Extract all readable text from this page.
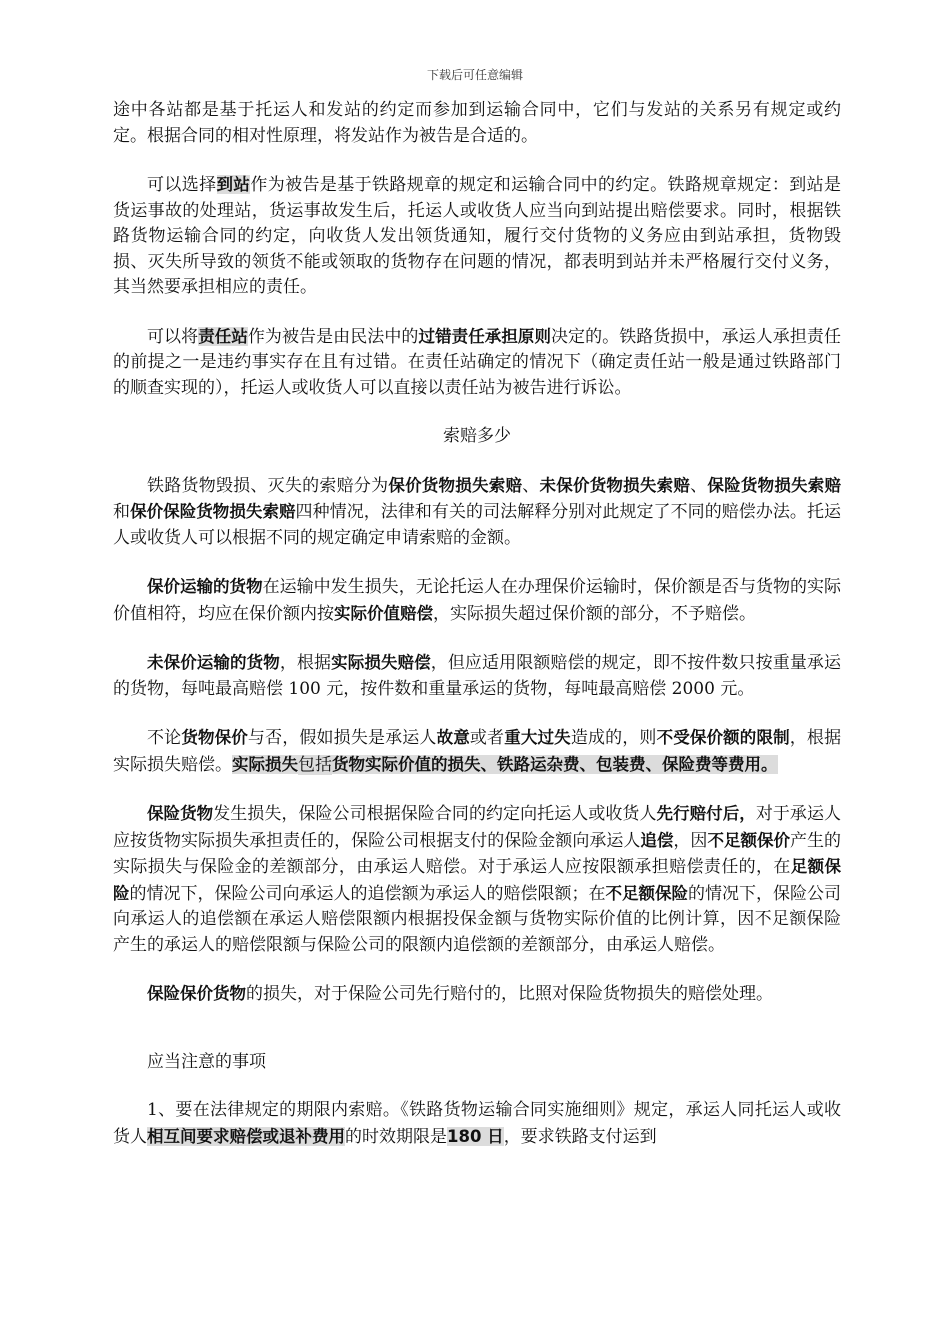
下载后可任意编辑

途中各站都是基于托运人和发站的约定而参加到运输合同中，它们与发站的关系另有规定或约定。根据合同的相对性原理，将发站作为被告是合适的。

可以选择到站作为被告是基于铁路规章的规定和运输合同中的约定。铁路规章规定：到站是货运事故的处理站，货运事故发生后，托运人或收货人应当向到站提出赔偿要求。同时，根据铁路货物运输合同的约定，向收货人发出领货通知，履行交付货物的义务应由到站承担，货物毁损、灭失所导致的领货不能或领取的货物存在问题的情况，都表明到站并未严格履行交付义务，其当然要承担相应的责任。

可以将责任站作为被告是由民法中的过错责任承担原则决定的。铁路货损中，承运人承担责任的前提之一是违约事实存在且有过错。在责任站确定的情况下（确定责任站一般是通过铁路部门的顺查实现的），托运人或收货人可以直接以责任站为被告进行诉讼。

索赔多少

铁路货物毁损、灭失的索赔分为保价货物损失索赔、未保价货物损失索赔、保险货物损失索赔和保价保险货物损失索赔四种情况，法律和有关的司法解释分别对此规定了不同的赔偿办法。托运人或收货人可以根据不同的规定确定申请索赔的金额。

保价运输的货物在运输中发生损失，无论托运人在办理保价运输时，保价额是否与货物的实际价值相符，均应在保价额内按实际价值赔偿，实际损失超过保价额的部分，不予赔偿。

未保价运输的货物，根据实际损失赔偿，但应适用限额赔偿的规定，即不按件数只按重量承运的货物，每吨最高赔偿 100 元，按件数和重量承运的货物，每吨最高赔偿 2000 元。

不论货物保价与否，假如损失是承运人故意或者重大过失造成的，则不受保价额的限制，根据实际损失赔偿。实际损失包括货物实际价值的损失、铁路运杂费、包装费、保险费等费用。

保险货物发生损失，保险公司根据保险合同的约定向托运人或收货人先行赔付后，对于承运人应按货物实际损失承担责任的，保险公司根据支付的保险金额向承运人追偿，因不足额保价产生的实际损失与保险金的差额部分，由承运人赔偿。对于承运人应按限额承担赔偿责任的，在足额保险的情况下，保险公司向承运人的追偿额为承运人的赔偿限额；在不足额保险的情况下，保险公司向承运人的追偿额在承运人赔偿限额内根据投保金额与货物实际价值的比例计算，因不足额保险产生的承运人的赔偿限额与保险公司的限额内追偿额的差额部分，由承运人赔偿。

保险保价货物的损失，对于保险公司先行赔付的，比照对保险货物损失的赔偿处理。

应当注意的事项

1、要在法律规定的期限内索赔。《铁路货物运输合同实施细则》规定，承运人同托运人或收货人相互间要求赔偿或退补费用的时效期限是180 日，要求铁路支付运到
